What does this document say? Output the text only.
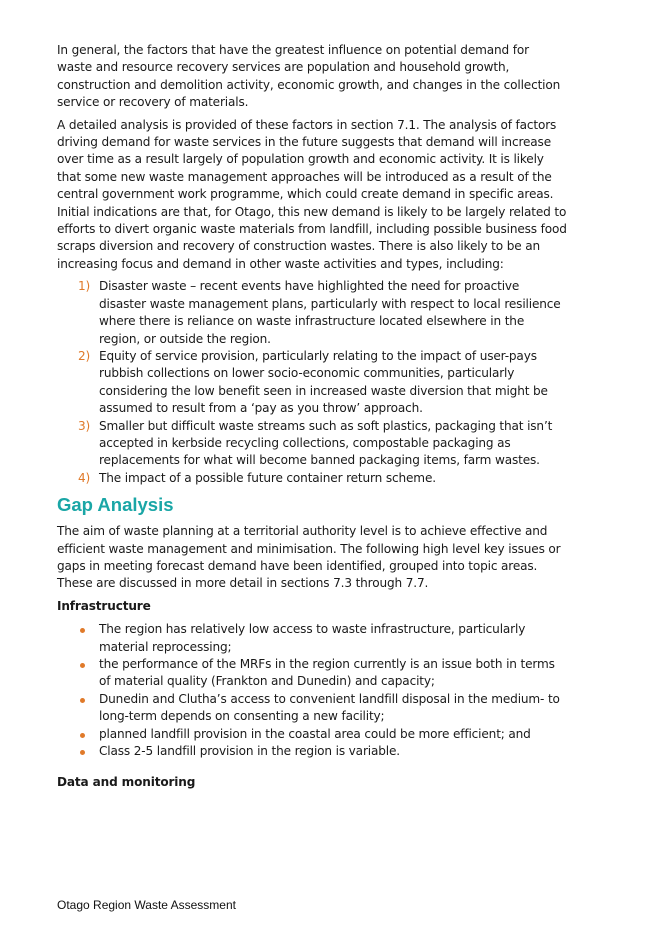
In general, the factors that have the greatest influence on potential demand for waste and resource recovery services are population and household growth, construction and demolition activity, economic growth, and changes in the collection service or recovery of materials.

A detailed analysis is provided of these factors in section 7.1. The analysis of factors driving demand for waste services in the future suggests that demand will increase over time as a result largely of population growth and economic activity. It is likely that some new waste management approaches will be introduced as a result of the central government work programme, which could create demand in specific areas. Initial indications are that, for Otago, this new demand is likely to be largely related to efforts to divert organic waste materials from landfill, including possible business food scraps diversion and recovery of construction wastes. There is also likely to be an increasing focus and demand in other waste activities and types, including:

1) Disaster waste – recent events have highlighted the need for proactive disaster waste management plans, particularly with respect to local resilience where there is reliance on waste infrastructure located elsewhere in the region, or outside the region.
2) Equity of service provision, particularly relating to the impact of user-pays rubbish collections on lower socio-economic communities, particularly considering the low benefit seen in increased waste diversion that might be assumed to result from a ‘pay as you throw’ approach.
3) Smaller but difficult waste streams such as soft plastics, packaging that isn’t accepted in kerbside recycling collections, compostable packaging as replacements for what will become banned packaging items, farm wastes.
4) The impact of a possible future container return scheme.
Gap Analysis

The aim of waste planning at a territorial authority level is to achieve effective and efficient waste management and minimisation. The following high level key issues or gaps in meeting forecast demand have been identified, grouped into topic areas. These are discussed in more detail in sections 7.3 through 7.7.

Infrastructure
The region has relatively low access to waste infrastructure, particularly material reprocessing;
the performance of the MRFs in the region currently is an issue both in terms of material quality (Frankton and Dunedin) and capacity;
Dunedin and Clutha’s access to convenient landfill disposal in the medium- to long-term depends on consenting a new facility;
planned landfill provision in the coastal area could be more efficient; and
Class 2-5 landfill provision in the region is variable.
Data and monitoring
Otago Region Waste Assessment
